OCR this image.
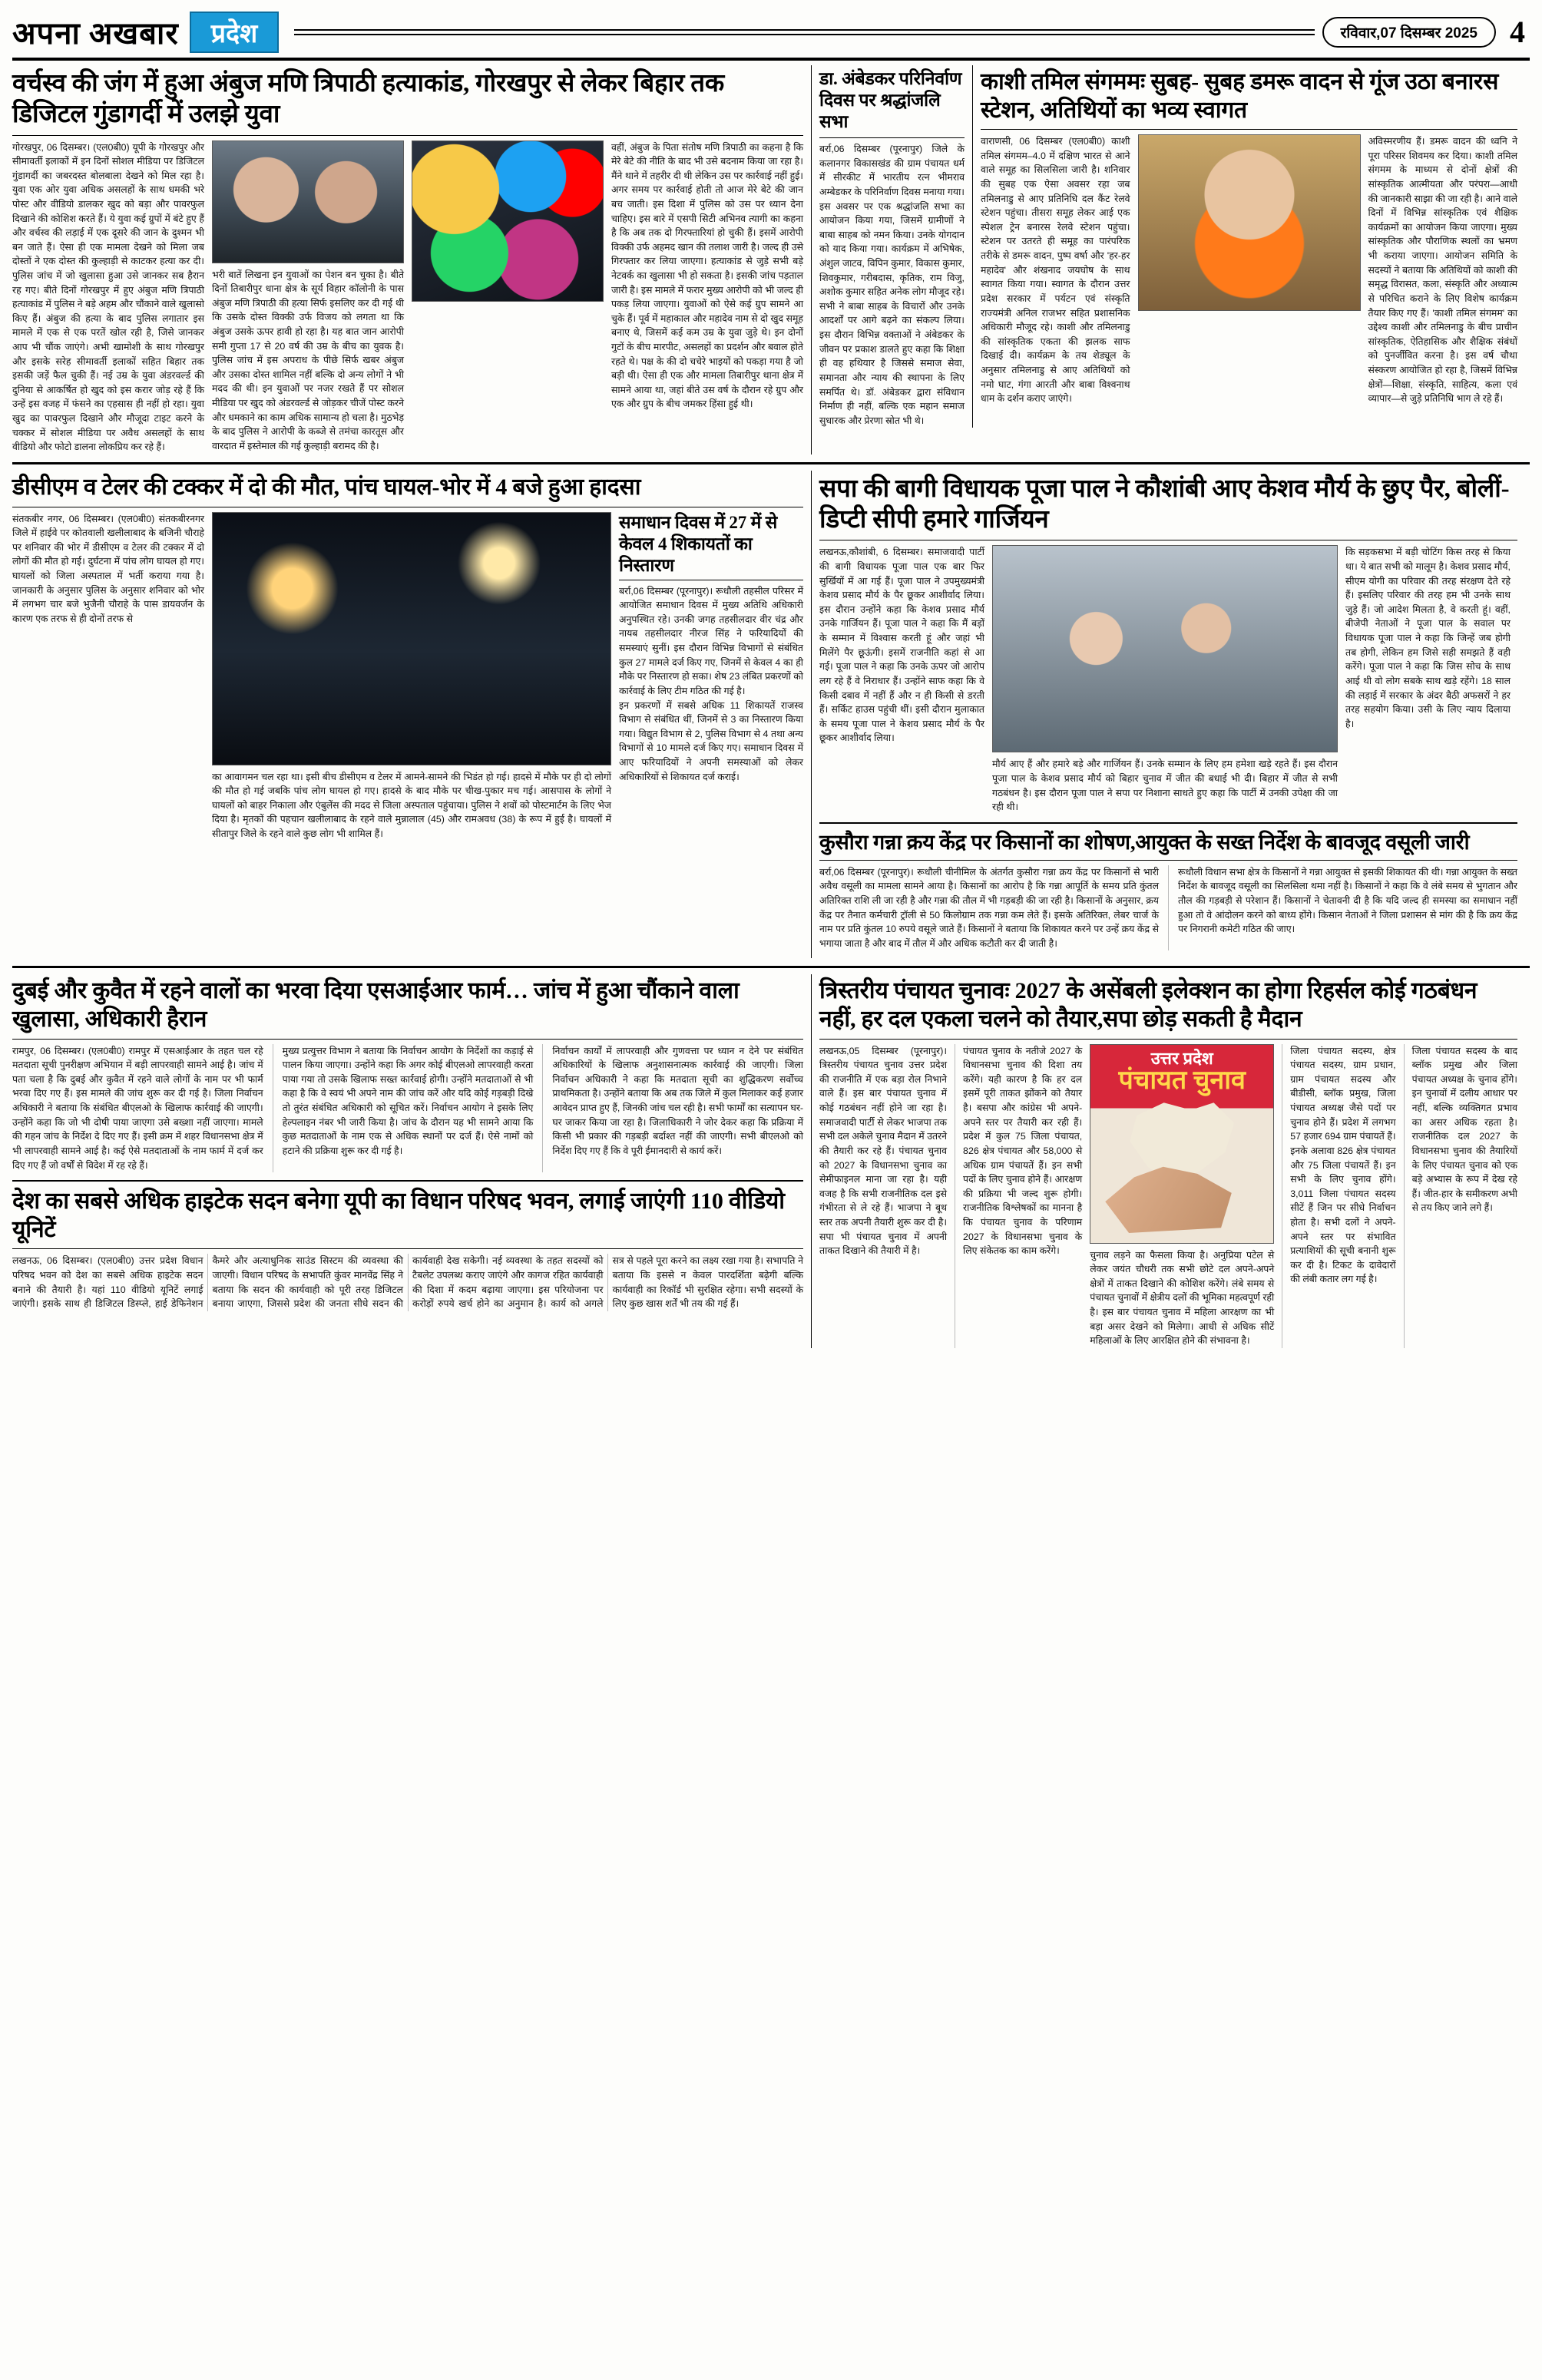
अपना अखबार	प्रदेश	रविवार,07 दिसम्बर 2025	4
वर्चस्व की जंग में हुआ अंबुज मणि त्रिपाठी हत्याकांड, गोरखपुर से लेकर बिहार तक डिजिटल गुंडागर्दी में उलझे युवा
गोरखपुर, 06 दिसम्बर। (एल0बी0) यूपी के गोरखपुर और सीमावर्ती इलाकों में इन दिनों सोशल मीडिया पर डिजिटल गुंडागर्दी का जबरदस्त बोलबाला देखने को मिल रहा है। युवा एक ओर युवा अधिक असलहों के साथ धमकी भरे पोस्ट और वीडियो डालकर खुद को बड़ा और पावरफुल दिखाने की कोशिश करते हैं। ये युवा कई ग्रुपों में बंटे हुए हैं और वर्चस्व की लड़ाई में एक दूसरे की जान के दुश्मन भी बन जाते हैं। ऐसा ही एक मामला देखने को मिला जब दोस्तों ने एक दोस्त की कुल्हाड़ी से काटकर हत्या कर दी। पुलिस जांच में जो खुलासा हुआ उसे जानकर सब हैरान रह गए। बीते दिनों गोरखपुर में हुए अंबुज मणि त्रिपाठी हत्याकांड में पुलिस ने बड़े अहम और चौंकाने वाले खुलासो किए हैं। अंबुज की हत्या के बाद पुलिस लगातार इस मामले में एक से एक परतें खोल रही है, जिसे जानकर आप भी चौंक जाएंगे। अभी खामोशी के साथ गोरखपुर और इसके सरेह सीमावर्ती इलाकों सहित बिहार तक इसकी जड़ें फैल चुकी हैं। नई उम्र के युवा अंडरवर्ल्ड की दुनिया से आकर्षित हो खुद को इस करार जोड़ रहे हैं कि उन्हें इस वजह में फंसने का एहसास ही नहीं हो रहा। युवा खुद का पावरफुल दिखाने और मौजूदा टाइट करने के चक्कर में सोशल मीडिया पर अवैध असलहों के साथ वीडियो और फोटो डालना लोकप्रिय कर रहे हैं।
भरी बातें लिखना इन युवाओं का पेशन बन चुका है। बीते दिनों तिबारीपुर धाना क्षेत्र के सूर्य विहार कॉलोनी के पास अंबुज मणि त्रिपाठी की हत्या सिर्फ इसलिए कर दी गई थी कि उसके दोस्त विक्की उर्फ विजय को लगता था कि अंबुज उसके ऊपर हावी हो रहा है। यह बात जान आरोपी समी गुप्ता 17 से 20 वर्ष की उम्र के बीच का युवक है। पुलिस जांच में इस अपराध के पीछे सिर्फ खबर अंबुज और उसका दोस्त शामिल नहीं बल्कि दो अन्य लोगों ने भी मदद की थी। इन युवाओं पर नजर रखते हैं पर सोशल मीडिया पर खुद को अंडरवर्ल्ड से जोड़कर चीजें पोस्ट करने और धमकाने का काम अधिक सामान्य हो चला है। मुठभेड़ के बाद पुलिस ने आरोपी के कब्जे से तमंचा कारतूस और वारदात में इस्तेमाल की गई कुल्हाड़ी बरामद की है।
वहीं, अंबुज के पिता संतोष मणि त्रिपाठी का कहना है कि मेरे बेटे की नीति के बाद भी उसे बदनाम किया जा रहा है। मैंने थाने में तहरीर दी थी लेकिन उस पर कार्रवाई नहीं हुई। अगर समय पर कार्रवाई होती तो आज मेरे बेटे की जान बच जाती। इस दिशा में पुलिस को उस पर ध्यान देना चाहिए। इस बारे में एसपी सिटी अभिनव त्यागी का कहना है कि अब तक दो गिरफ्तारियां हो चुकी हैं। इसमें आरोपी विक्की उर्फ अहमद खान की तलाश जारी है। जल्द ही उसे गिरफ्तार कर लिया जाएगा। हत्याकांड से जुड़े सभी बड़े नेटवर्क का खुलासा भी हो सकता है। इसकी जांच पड़ताल जारी है। इस मामले में फरार मुख्य आरोपी को भी जल्द ही पकड़ लिया जाएगा। युवाओं को ऐसे कई ग्रुप सामने आ चुके हैं। पूर्व में महाकाल और महादेव नाम से दो खुद समूह बनाए थे, जिसमें कई कम उम्र के युवा जुड़े थे। इन दोनों गुटों के बीच मारपीट, असलहों का प्रदर्शन और बवाल होते रहते थे। पक्ष के की दो चचेरे भाइयों को पकड़ा गया है जो बड़ी थी। ऐसा ही एक और मामला तिबारीपुर थाना क्षेत्र में सामने आया था, जहां बीते उस वर्ष के दौरान रहे ग्रुप और एक और ग्रुप के बीच जमकर हिंसा हुई थी।
डा. अंबेडकर परिनिर्वाण दिवस पर श्रद्धांजलि सभा
बर्रा,06 दिसम्बर (पूरनापुर) जिले के कलानगर विकासखंड की ग्राम पंचायत धर्म में सीरकीट में भारतीय रत्न भीमराव अम्बेडकर के परिनिर्वाण दिवस मनाया गया। इस अवसर पर एक श्रद्धांजलि सभा का आयोजन किया गया, जिसमें ग्रामीणों ने बाबा साहब को नमन किया। उनके योगदान को याद किया गया। कार्यक्रम में अभिषेक, अंशुल जाटव, विपिन कुमार, विकास कुमार, शिवकुमार, गरीबदास, कृतिक, राम विजु, अशोक कुमार सहित अनेक लोग मौजूद रहे। सभी ने बाबा साहब के विचारों और उनके आदर्शों पर आगे बढ़ने का संकल्प लिया। इस दौरान विभिन्न वक्ताओं ने अंबेडकर के जीवन पर प्रकाश डालते हुए कहा कि शिक्षा ही वह हथियार है जिससे समाज सेवा, समानता और न्याय की स्थापना के लिए समर्पित थे। डॉ. अंबेडकर द्वारा संविधान निर्माण ही नहीं, बल्कि एक महान समाज सुधारक और प्रेरणा स्रोत भी थे।
काशी तमिल संगममः सुबह- सुबह डमरू वादन से गूंज उठा बनारस स्टेशन, अतिथियों का भव्य स्वागत
वाराणसी, 06 दिसम्बर (एल0बी0) काशी तमिल संगमम–4.0 में दक्षिण भारत से आने वाले समूह का सिलसिला जारी है। शनिवार की सुबह एक ऐसा अवसर रहा जब तमिलनाडु से आए प्रतिनिधि दल कैंट रेलवे स्टेशन पहुंचा। तीसरा समूह लेकर आई एक स्पेशल ट्रेन बनारस रेलवे स्टेशन पहुंचा। स्टेशन पर उतरते ही समूह का पारंपरिक तरीके से डमरू वादन, पुष्प वर्षा और 'हर-हर महादेव' और शंखनाद जयघोष के साथ स्वागत किया गया। स्वागत के दौरान उत्तर प्रदेश सरकार में पर्यटन एवं संस्कृति राज्यमंत्री अनिल राजभर सहित प्रशासनिक अधिकारी मौजूद रहे। काशी और तमिलनाडु की सांस्कृतिक एकता की झलक साफ दिखाई दी। कार्यक्रम के तय शेड्यूल के अनुसार तमिलनाडु से आए अतिथियों को नमो घाट, गंगा आरती और बाबा विश्वनाथ धाम के दर्शन कराए जाएंगे।
अविस्मरणीय हैं। डमरू वादन की ध्वनि ने पूरा परिसर शिवमय कर दिया। काशी तमिल संगमम के माध्यम से दोनों क्षेत्रों की सांस्कृतिक आत्मीयता और परंपरा—आधी की जानकारी साझा की जा रही है। आने वाले दिनों में विभिन्न सांस्कृतिक एवं शैक्षिक कार्यक्रमों का आयोजन किया जाएगा। मुख्य सांस्कृतिक और पौराणिक स्थलों का भ्रमण भी कराया जाएगा। आयोजन समिति के सदस्यों ने बताया कि अतिथियों को काशी की समृद्ध विरासत, कला, संस्कृति और अध्यात्म से परिचित कराने के लिए विशेष कार्यक्रम तैयार किए गए हैं। 'काशी तमिल संगमम' का उद्देश्य काशी और तमिलनाडु के बीच प्राचीन सांस्कृतिक, ऐतिहासिक और शैक्षिक संबंधों को पुनर्जीवित करना है। इस वर्ष चौथा संस्करण आयोजित हो रहा है, जिसमें विभिन्न क्षेत्रों—शिक्षा, संस्कृति, साहित्य, कला एवं व्यापार—से जुड़े प्रतिनिधि भाग ले रहे हैं।
डीसीएम व टेलर की टक्कर में दो की मौत, पांच घायल-भोर में 4 बजे हुआ हादसा
संतकबीर नगर, 06 दिसम्बर। (एल0बी0) संतकबीरनगर जिले में हाईवे पर कोतवाली खलीलाबाद के बजिनी चौराहे पर शनिवार की भोर में डीसीएम व टेलर की टक्कर में दो लोगों की मौत हो गई। दुर्घटना में पांच लोग घायल हो गए। घायलों को जिला अस्पताल में भर्ती कराया गया है। जानकारी के अनुसार पुलिस के अनुसार शनिवार को भोर में लगभग चार बजे भुजैनी चौराहे के पास डायवर्जन के कारण एक तरफ से ही दोनों तरफ से
का आवागमन चल रहा था। इसी बीच डीसीएम व टेलर में आमने-सामने की भिडंत हो गई। हादसे में मौके पर ही दो लोगों की मौत हो गई जबकि पांच लोग घायल हो गए। हादसे के बाद मौके पर चीख-पुकार मच गई। आसपास के लोगों ने घायलों को बाहर निकाला और एंबुलेंस की मदद से जिला अस्पताल पहुंचाया। पुलिस ने शवों को पोस्टमार्टम के लिए भेज दिया है। मृतकों की पहचान खलीलाबाद के रहने वाले मुन्नालाल (45) और रामअवध (38) के रूप में हुई है। घायलों में सीतापुर जिले के रहने वाले कुछ लोग भी शामिल हैं।
समाधान दिवस में 27 में से केवल 4 शिकायतों का निस्तारण
बर्रा,06 दिसम्बर (पूरनापुर)। रूधौली तहसील परिसर में आयोजित समाधान दिवस में मुख्य अतिथि अधिकारी अनुपस्थित रहे। उनकी जगह तहसीलदार वीर चंद्र और नायब तहसीलदार नीरज सिंह ने फरियादियों की समस्याएं सुनीं। इस दौरान विभिन्न विभागों से संबंधित कुल 27 मामले दर्ज किए गए, जिनमें से केवल 4 का ही मौके पर निस्तारण हो सका। शेष 23 लंबित प्रकरणों को कार्रवाई के लिए टीम गठित की गई है।
इन प्रकरणों में सबसे अधिक 11 शिकायतें राजस्व विभाग से संबंधित थीं, जिनमें से 3 का निस्तारण किया गया। विद्युत विभाग से 2, पुलिस विभाग से 4 तथा अन्य विभागों से 10 मामले दर्ज किए गए। समाधान दिवस में आए फरियादियों ने अपनी समस्याओं को लेकर अधिकारियों से शिकायत दर्ज कराई।
सपा की बागी विधायक पूजा पाल ने कौशांबी आए केशव मौर्य के छुए पैर, बोलीं- डिप्टी सीपी हमारे गार्जियन
लखनऊ,कौशांबी, 6 दिसम्बर। समाजवादी पार्टी की बागी विधायक पूजा पाल एक बार फिर सुर्खियों में आ गई हैं। पूजा पाल ने उपमुख्यमंत्री केशव प्रसाद मौर्य के पैर छूकर आशीर्वाद लिया। इस दौरान उन्होंने कहा कि केशव प्रसाद मौर्य उनके गार्जियन हैं। पूजा पाल ने कहा कि मैं बड़ों के सम्मान में विश्वास करती हूं और जहां भी मिलेंगे पैर छूऊंगी। इसमें राजनीति कहां से आ गई। पूजा पाल ने कहा कि उनके ऊपर जो आरोप लग रहे हैं वे निराधार हैं। उन्होंने साफ कहा कि वे किसी दबाव में नहीं हैं और न ही किसी से डरती हैं। सर्किट हाउस पहुंची थीं। इसी दौरान मुलाकात के समय पूजा पाल ने केशव प्रसाद मौर्य के पैर छूकर आशीर्वाद लिया।
मौर्य आए हैं और हमारे बड़े और गार्जियन हैं। उनके सम्मान के लिए हम हमेशा खड़े रहते हैं। इस दौरान पूजा पाल के केशव प्रसाद मौर्य को बिहार चुनाव में जीत की बधाई भी दी। बिहार में जीत से सभी गठबंधन है। इस दौरान पूजा पाल ने सपा पर निशाना साधते हुए कहा कि पार्टी में उनकी उपेक्षा की जा रही थी।
कि सड़कसभा में बड़ी चोटिंग किस तरह से किया था। ये बात सभी को मालूम है। केशव प्रसाद मौर्य, सीएम योगी का परिवार की तरह संरक्षण देते रहे हैं। इसलिए परिवार की तरह हम भी उनके साथ जुड़े हैं। जो आदेश मिलता है, वे करती हूं। वहीं, बीजेपी नेताओं ने पूजा पाल के सवाल पर विधायक पूजा पाल ने कहा कि जिन्हें जब होगी तब होगी, लेकिन हम जिसे सही समझते हैं वही करेंगे। पूजा पाल ने कहा कि जिस सोच के साथ आई थी वो लोग सबके साथ खड़े रहेंगे। 18 साल की लड़ाई में सरकार के अंदर बैठी अफसरों ने हर तरह सहयोग किया। उसी के लिए न्याय दिलाया है।
कुसौरा गन्ना क्रय केंद्र पर किसानों का शोषण,आयुक्त के सख्त निर्देश के बावजूद वसूली जारी
बर्रा,06 दिसम्बर (पूरनापुर)। रूधौली चीनीमिल के अंतर्गत कुसौरा गन्ना क्रय केंद्र पर किसानों से भारी अवैध वसूली का मामला सामने आया है। किसानों का आरोप है कि गन्ना आपूर्ति के समय प्रति कुंतल अतिरिक्त राशि ली जा रही है और गन्ना की तौल में भी गड़बड़ी की जा रही है। किसानों के अनुसार, क्रय केंद्र पर तैनात कर्मचारी ट्रॉली से 50 किलोग्राम तक गन्ना कम लेते हैं। इसके अतिरिक्त, लेबर चार्ज के नाम पर प्रति कुंतल 10 रुपये वसूले जाते हैं। किसानों ने बताया कि शिकायत करने पर उन्हें क्रय केंद्र से भगाया जाता है और बाद में तौल में और अधिक कटौती कर दी जाती है।
रूधौली विधान सभा क्षेत्र के किसानों ने गन्ना आयुक्त से इसकी शिकायत की थी। गन्ना आयुक्त के सख्त निर्देश के बावजूद वसूली का सिलसिला थमा नहीं है। किसानों ने कहा कि वे लंबे समय से भुगतान और तौल की गड़बड़ी से परेशान हैं। किसानों ने चेतावनी दी है कि यदि जल्द ही समस्या का समाधान नहीं हुआ तो वे आंदोलन करने को बाध्य होंगे। किसान नेताओं ने जिला प्रशासन से मांग की है कि क्रय केंद्र पर निगरानी कमेटी गठित की जाए।
दुबई और कुवैत में रहने वालों का भरवा दिया एसआईआर फार्म… जांच में हुआ चौंकाने वाला खुलासा, अधिकारी हैरान
रामपुर, 06 दिसम्बर। (एल0बी0) रामपुर में एसआईआर के तहत चल रहे मतदाता सूची पुनरीक्षण अभियान में बड़ी लापरवाही सामने आई है। जांच में पता चला है कि दुबई और कुवैत में रहने वाले लोगों के नाम पर भी फार्म भरवा दिए गए हैं। इस मामले की जांच शुरू कर दी गई है। जिला निर्वाचन अधिकारी ने बताया कि संबंधित बीएलओ के खिलाफ कार्रवाई की जाएगी। उन्होंने कहा कि जो भी दोषी पाया जाएगा उसे बख्शा नहीं जाएगा। मामले की गहन जांच के निर्देश दे दिए गए हैं। इसी क्रम में शहर विधानसभा क्षेत्र में भी लापरवाही सामने आई है। कई ऐसे मतदाताओं के नाम फार्म में दर्ज कर दिए गए हैं जो वर्षों से विदेश में रह रहे हैं।
मुख्य प्रत्युत्तर विभाग ने बताया कि निर्वाचन आयोग के निर्देशों का कड़ाई से पालन किया जाएगा। उन्होंने कहा कि अगर कोई बीएलओ लापरवाही करता पाया गया तो उसके खिलाफ सख्त कार्रवाई होगी। उन्होंने मतदाताओं से भी कहा है कि वे स्वयं भी अपने नाम की जांच करें और यदि कोई गड़बड़ी दिखे तो तुरंत संबंधित अधिकारी को सूचित करें। निर्वाचन आयोग ने इसके लिए हेल्पलाइन नंबर भी जारी किया है। जांच के दौरान यह भी सामने आया कि कुछ मतदाताओं के नाम एक से अधिक स्थानों पर दर्ज हैं। ऐसे नामों को हटाने की प्रक्रिया शुरू कर दी गई है।
निर्वाचन कार्यों में लापरवाही और गुणवत्ता पर ध्यान न देने पर संबंधित अधिकारियों के खिलाफ अनुशासनात्मक कार्रवाई की जाएगी। जिला निर्वाचन अधिकारी ने कहा कि मतदाता सूची का शुद्धिकरण सर्वोच्च प्राथमिकता है। उन्होंने बताया कि अब तक जिले में कुल मिलाकर कई हजार आवेदन प्राप्त हुए हैं, जिनकी जांच चल रही है। सभी फार्मों का सत्यापन घर-घर जाकर किया जा रहा है। जिलाधिकारी ने जोर देकर कहा कि प्रक्रिया में किसी भी प्रकार की गड़बड़ी बर्दाश्त नहीं की जाएगी। सभी बीएलओ को निर्देश दिए गए हैं कि वे पूरी ईमानदारी से कार्य करें।
देश का सबसे अधिक हाइटेक सदन बनेगा यूपी का विधान परिषद भवन, लगाई जाएंगी 110 वीडियो यूनिटें
लखनऊ, 06 दिसम्बर। (एल0बी0) उत्तर प्रदेश विधान परिषद भवन को देश का सबसे अधिक हाइटेक सदन बनाने की तैयारी है। यहां 110 वीडियो यूनिटें लगाई जाएंगी। इसके साथ ही डिजिटल डिस्प्ले, हाई डेफिनेशन कैमरे और अत्याधुनिक साउंड सिस्टम की व्यवस्था की जाएगी। विधान परिषद के सभापति कुंवर मानवेंद्र सिंह ने बताया कि सदन की कार्यवाही को पूरी तरह डिजिटल बनाया जाएगा, जिससे प्रदेश की जनता सीधे सदन की कार्यवाही देख सकेगी। नई व्यवस्था के तहत सदस्यों को टैबलेट उपलब्ध कराए जाएंगे और कागज रहित कार्यवाही की दिशा में कदम बढ़ाया जाएगा। इस परियोजना पर करोड़ों रुपये खर्च होने का अनुमान है। कार्य को अगले सत्र से पहले पूरा करने का लक्ष्य रखा गया है। सभापति ने बताया कि इससे न केवल पारदर्शिता बढ़ेगी बल्कि कार्यवाही का रिकॉर्ड भी सुरक्षित रहेगा। सभी सदस्यों के लिए कुछ खास शर्तें भी तय की गई हैं।
त्रिस्तरीय पंचायत चुनावः 2027 के असेंबली इलेक्शन का होगा रिहर्सल कोई गठबंधन नहीं, हर दल एकला चलने को तैयार,सपा छोड़ सकती है मैदान
लखनऊ,05 दिसम्बर (पूरनापुर)। त्रिस्तरीय पंचायत चुनाव उत्तर प्रदेश की राजनीति में एक बड़ा रोल निभाने वाले हैं। इस बार पंचायत चुनाव में कोई गठबंधन नहीं होने जा रहा है। समाजवादी पार्टी से लेकर भाजपा तक सभी दल अकेले चुनाव मैदान में उतरने की तैयारी कर रहे हैं। पंचायत चुनाव को 2027 के विधानसभा चुनाव का सेमीफाइनल माना जा रहा है। यही वजह है कि सभी राजनीतिक दल इसे गंभीरता से ले रहे हैं। भाजपा ने बूथ स्तर तक अपनी तैयारी शुरू कर दी है। सपा भी पंचायत चुनाव में अपनी ताकत दिखाने की तैयारी में है।
पंचायत चुनाव के नतीजे 2027 के विधानसभा चुनाव की दिशा तय करेंगे। यही कारण है कि हर दल इसमें पूरी ताकत झोंकने को तैयार है। बसपा और कांग्रेस भी अपने-अपने स्तर पर तैयारी कर रही हैं। प्रदेश में कुल 75 जिला पंचायत, 826 क्षेत्र पंचायत और 58,000 से अधिक ग्राम पंचायतें हैं। इन सभी पदों के लिए चुनाव होने हैं। आरक्षण की प्रक्रिया भी जल्द शुरू होगी। राजनीतिक विश्लेषकों का मानना है कि पंचायत चुनाव के परिणाम 2027 के विधानसभा चुनाव के लिए संकेतक का काम करेंगे।
उत्तर प्रदेश
पंचायत चुनाव
चुनाव लड़ने का फैसला किया है। अनुप्रिया पटेल से लेकर जयंत चौधरी तक सभी छोटे दल अपने-अपने क्षेत्रों में ताकत दिखाने की कोशिश करेंगे। लंबे समय से पंचायत चुनावों में क्षेत्रीय दलों की भूमिका महत्वपूर्ण रही है। इस बार पंचायत चुनाव में महिला आरक्षण का भी बड़ा असर देखने को मिलेगा। आधी से अधिक सीटें महिलाओं के लिए आरक्षित होने की संभावना है।
जिला पंचायत सदस्य, क्षेत्र पंचायत सदस्य, ग्राम प्रधान, ग्राम पंचायत सदस्य और बीडीसी, ब्लॉक प्रमुख, जिला पंचायत अध्यक्ष जैसे पदों पर चुनाव होने हैं। प्रदेश में लगभग 57 हजार 694 ग्राम पंचायतें हैं। इनके अलावा 826 क्षेत्र पंचायत और 75 जिला पंचायतें हैं। इन सभी के लिए चुनाव होंगे। 3,011 जिला पंचायत सदस्य सीटें हैं जिन पर सीधे निर्वाचन होता है। सभी दलों ने अपने-अपने स्तर पर संभावित प्रत्याशियों की सूची बनानी शुरू कर दी है। टिकट के दावेदारों की लंबी कतार लग गई है।
जिला पंचायत सदस्य के बाद ब्लॉक प्रमुख और जिला पंचायत अध्यक्ष के चुनाव होंगे। इन चुनावों में दलीय आधार पर नहीं, बल्कि व्यक्तिगत प्रभाव का असर अधिक रहता है। राजनीतिक दल 2027 के विधानसभा चुनाव की तैयारियों के लिए पंचायत चुनाव को एक बड़े अभ्यास के रूप में देख रहे हैं। जीत-हार के समीकरण अभी से तय किए जाने लगे हैं।
